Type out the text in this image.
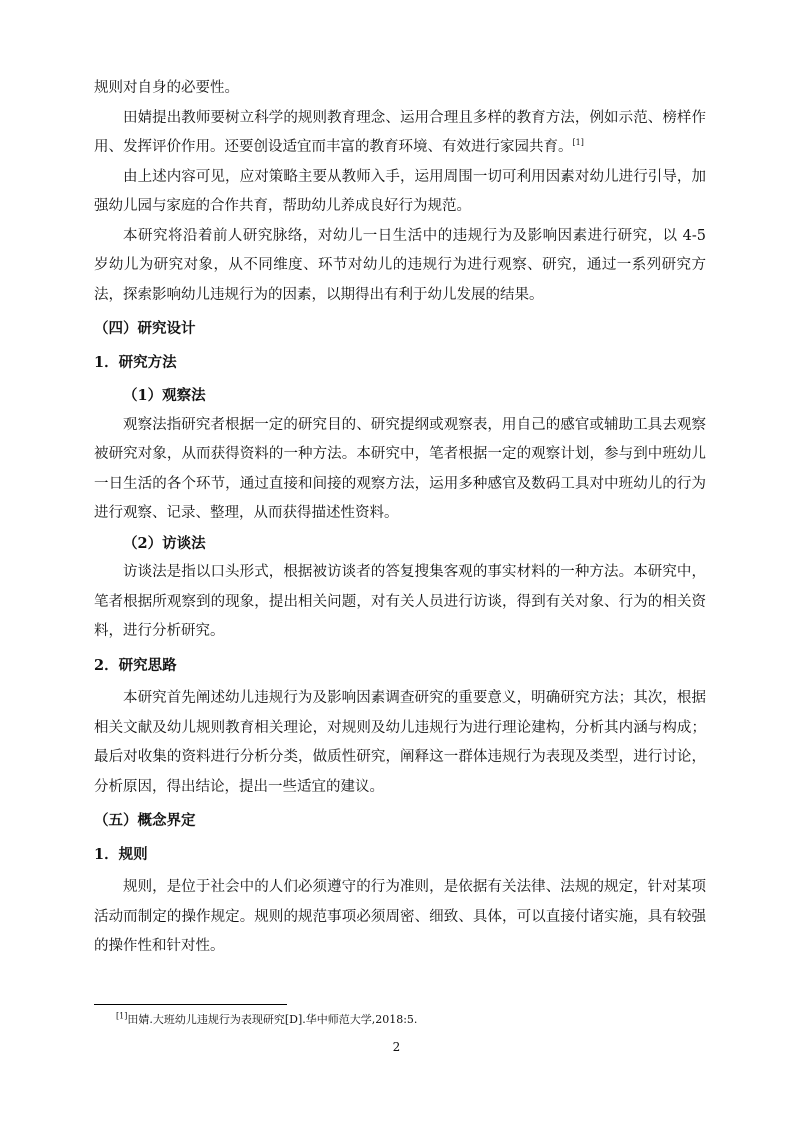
规则对自身的必要性。

田婧提出教师要树立科学的规则教育理念、运用合理且多样的教育方法，例如示范、榜样作用、发挥评价作用。还要创设适宜而丰富的教育环境、有效进行家园共育。[1]

由上述内容可见，应对策略主要从教师入手，运用周围一切可利用因素对幼儿进行引导，加强幼儿园与家庭的合作共育，帮助幼儿养成良好行为规范。

本研究将沿着前人研究脉络，对幼儿一日生活中的违规行为及影响因素进行研究，以 4-5 岁幼儿为研究对象，从不同维度、环节对幼儿的违规行为进行观察、研究，通过一系列研究方法，探索影响幼儿违规行为的因素，以期得出有利于幼儿发展的结果。

（四）研究设计

1．研究方法

（1）观察法

观察法指研究者根据一定的研究目的、研究提纲或观察表，用自己的感官或辅助工具去观察被研究对象，从而获得资料的一种方法。本研究中，笔者根据一定的观察计划，参与到中班幼儿一日生活的各个环节，通过直接和间接的观察方法，运用多种感官及数码工具对中班幼儿的行为进行观察、记录、整理，从而获得描述性资料。

（2）访谈法

访谈法是指以口头形式，根据被访谈者的答复搜集客观的事实材料的一种方法。本研究中，笔者根据所观察到的现象，提出相关问题，对有关人员进行访谈，得到有关对象、行为的相关资料，进行分析研究。

2．研究思路

本研究首先阐述幼儿违规行为及影响因素调查研究的重要意义，明确研究方法；其次，根据相关文献及幼儿规则教育相关理论，对规则及幼儿违规行为进行理论建构，分析其内涵与构成；最后对收集的资料进行分析分类，做质性研究，阐释这一群体违规行为表现及类型，进行讨论，分析原因，得出结论，提出一些适宜的建议。

（五）概念界定

1．规则

规则，是位于社会中的人们必须遵守的行为准则，是依据有关法律、法规的规定，针对某项活动而制定的操作规定。规则的规范事项必须周密、细致、具体，可以直接付诸实施，具有较强的操作性和针对性。

[1]田婧.大班幼儿违规行为表现研究[D].华中师范大学,2018:5.
2
